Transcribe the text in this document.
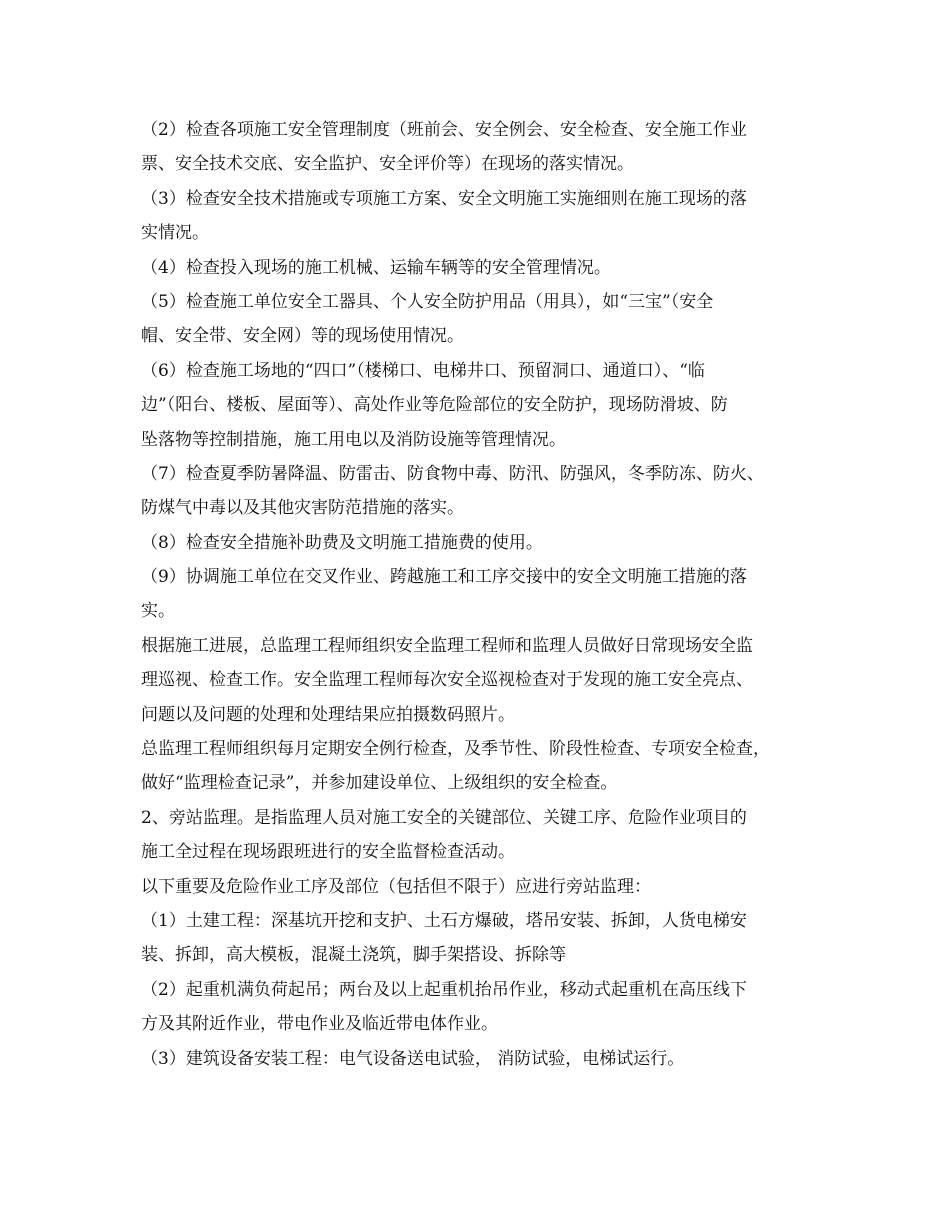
（2）检查各项施工安全管理制度（班前会、安全例会、安全检查、安全施工作业
票、安全技术交底、安全监护、安全评价等）在现场的落实情况。
（3）检查安全技术措施或专项施工方案、安全文明施工实施细则在施工现场的落
实情况。
（4）检查投入现场的施工机械、运输车辆等的安全管理情况。
（5）检查施工单位安全工器具、个人安全防护用品（用具），如“三宝”（安全
帽、安全带、安全网）等的现场使用情况。
（6）检查施工场地的“四口”（楼梯口、电梯井口、预留洞口、通道口）、“临
边”（阳台、楼板、屋面等）、高处作业等危险部位的安全防护，现场防滑坡、防
坠落物等控制措施，施工用电以及消防设施等管理情况。
（7）检查夏季防暑降温、防雷击、防食物中毒、防汛、防强风，冬季防冻、防火、
防煤气中毒以及其他灾害防范措施的落实。
（8）检查安全措施补助费及文明施工措施费的使用。
（9）协调施工单位在交叉作业、跨越施工和工序交接中的安全文明施工措施的落
实。
根据施工进展，总监理工程师组织安全监理工程师和监理人员做好日常现场安全监
理巡视、检查工作。安全监理工程师每次安全巡视检查对于发现的施工安全亮点、
问题以及问题的处理和处理结果应拍摄数码照片。
总监理工程师组织每月定期安全例行检查，及季节性、阶段性检查、专项安全检查，
做好“监理检查记录”，并参加建设单位、上级组织的安全检查。
2、旁站监理。是指监理人员对施工安全的关键部位、关键工序、危险作业项目的
施工全过程在现场跟班进行的安全监督检查活动。
以下重要及危险作业工序及部位（包括但不限于）应进行旁站监理：
（1）土建工程：深基坑开挖和支护、土石方爆破，塔吊安装、拆卸，人货电梯安
装、拆卸，高大模板，混凝土浇筑，脚手架搭设、拆除等
（2）起重机满负荷起吊；两台及以上起重机抬吊作业，移动式起重机在高压线下
方及其附近作业，带电作业及临近带电体作业。
（3）建筑设备安装工程：电气设备送电试验， 消防试验，电梯试运行。
